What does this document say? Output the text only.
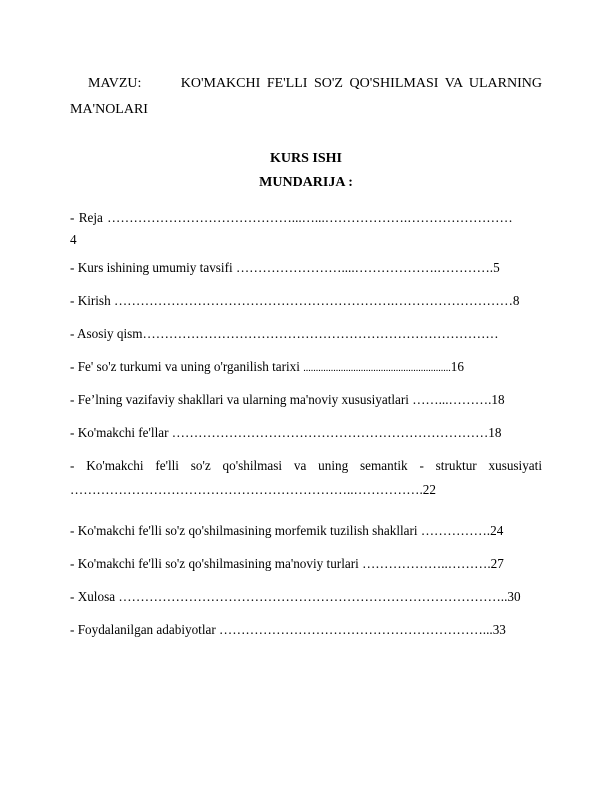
MAVZU:	KO'MAKCHI FE'LLI SO'Z QO'SHILMASI VA ULARNING MA'NOLARI
KURS ISHI
MUNDARIJA :
- Reja ……………………………………...…...……………….……………………
4
- Kurs ishining umumiy tavsifi ……………………....……………….………….5
- Kirish ……………………………………………………….………………………8
- Asosiy qism………………………………………………………………………
- Fe' so'z turkumi va uning o'rganilish tarixi ...........................................................16
- Fe’lning vazifaviy shakllari va ularning ma'noviy xususiyatlari ……...……….18
- Ko'makchi fe'llar ………………………………………………………………18
- Ko'makchi fe'lli so'z qo'shilmasi va uning semantik - struktur xususiyati ………………………………………………………..…………….22
- Ko'makchi fe'lli so'z qo'shilmasining morfemik tuzilish shakllari …………….24
- Ko'makchi fe'lli so'z qo'shilmasining ma'noviy turlari ………………..……….27
- Xulosa ……………………………………………………………………………..30
- Foydalanilgan adabiyotlar ……………………………………………………...33
